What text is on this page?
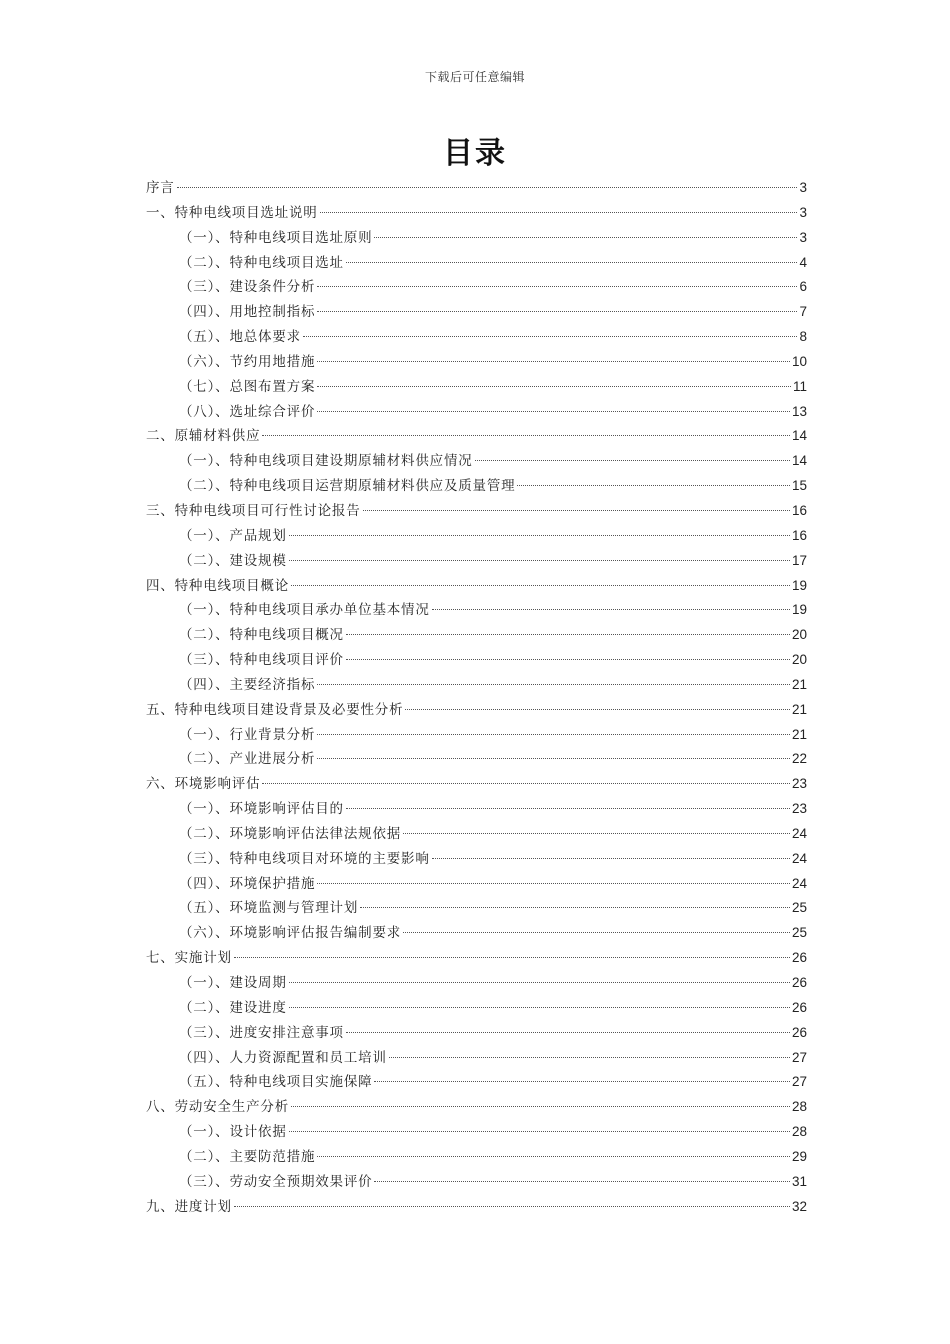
下载后可任意编辑
目录
序言	3
一、特种电线项目选址说明	3
（一）、特种电线项目选址原则	3
（二）、特种电线项目选址	4
（三）、建设条件分析	6
（四）、用地控制指标	7
（五）、地总体要求	8
（六）、节约用地措施	10
（七）、总图布置方案	11
（八）、选址综合评价	13
二、原辅材料供应	14
（一）、特种电线项目建设期原辅材料供应情况	14
（二）、特种电线项目运营期原辅材料供应及质量管理	15
三、特种电线项目可行性讨论报告	16
（一）、产品规划	16
（二）、建设规模	17
四、特种电线项目概论	19
（一）、特种电线项目承办单位基本情况	19
（二）、特种电线项目概况	20
（三）、特种电线项目评价	20
（四）、主要经济指标	21
五、特种电线项目建设背景及必要性分析	21
（一）、行业背景分析	21
（二）、产业进展分析	22
六、环境影响评估	23
（一）、环境影响评估目的	23
（二）、环境影响评估法律法规依据	24
（三）、特种电线项目对环境的主要影响	24
（四）、环境保护措施	24
（五）、环境监测与管理计划	25
（六）、环境影响评估报告编制要求	25
七、实施计划	26
（一）、建设周期	26
（二）、建设进度	26
（三）、进度安排注意事项	26
（四）、人力资源配置和员工培训	27
（五）、特种电线项目实施保障	27
八、劳动安全生产分析	28
（一）、设计依据	28
（二）、主要防范措施	29
（三）、劳动安全预期效果评价	31
九、进度计划	32
